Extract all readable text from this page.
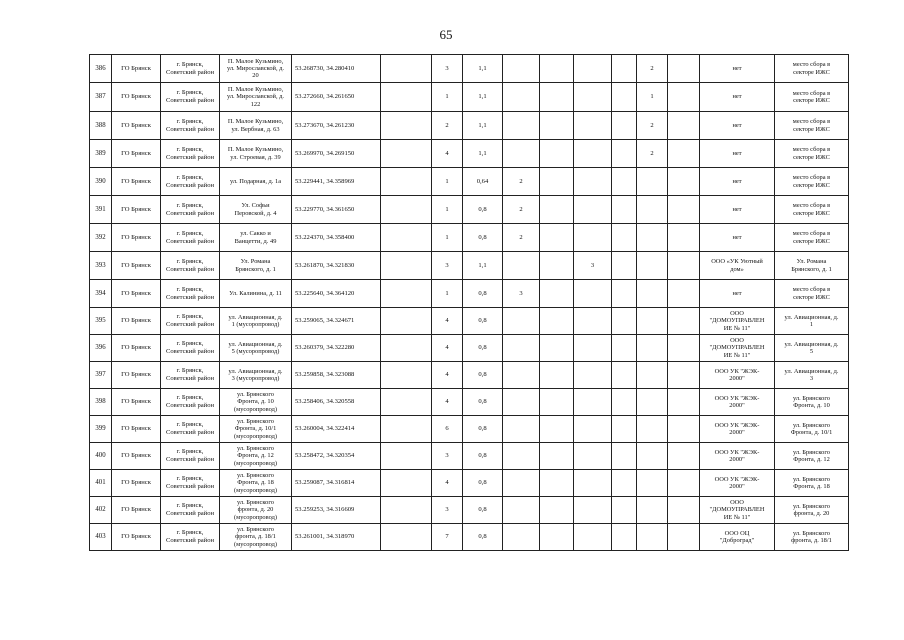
65
386	ГО Брянск	г. Брянск,
Советский район	П. Малое Кузьмино,
ул. Мирославской, д.
20	53.268730, 34.280410		3	1,1					2		нет	место сбора в
секторе ИЖС
387	ГО Брянск	г. Брянск,
Советский район	П. Малое Кузьмино,
ул. Мирославской, д.
122	53.272660, 34.261650		1	1,1					1		нет	место сбора в
секторе ИЖС
388	ГО Брянск	г. Брянск,
Советский район	П. Малое Кузьмино,
ул. Вербная, д. 63	53.273670, 34.261230		2	1,1					2		нет	место сбора в
секторе ИЖС
389	ГО Брянск	г. Брянск,
Советский район	П. Малое Кузьмино,
ул. Строевая, д. 39	53.269970, 34.269150		4	1,1					2		нет	место сбора в
секторе ИЖС
390	ГО Брянск	г. Брянск,
Советский район	ул. Подарная, д. 1а	53.229441, 34.358969		1	0,64	2						нет	место сбора в
секторе ИЖС
391	ГО Брянск	г. Брянск,
Советский район	Ул. Софьи
Перовской, д. 4	53.229770, 34.361650		1	0,8	2						нет	место сбора в
секторе ИЖС
392	ГО Брянск	г. Брянск,
Советский район	ул. Сакко и
Ванцетти, д. 49	53.224370, 34.358400		1	0,8	2						нет	место сбора в
секторе ИЖС
393	ГО Брянск	г. Брянск,
Советский район	Ул. Романа
Брянского, д. 1	53.261870, 34.321830		3	1,1			3				ООО «УК Уютный
дом»	Ул. Романа
Брянского, д. 1
394	ГО Брянск	г. Брянск,
Советский район	Ул. Калинина, д. 11	53.225640, 34.364120		1	0,8	3						нет	место сбора в
секторе ИЖС
395	ГО Брянск	г. Брянск,
Советский район	ул. Авиационная, д.
1 (мусоропровод)	53.259065, 34.324671		4	0,8							ООО
"ДОМОУПРАВЛЕН
ИЕ № 11"	ул. Авиационная, д.
1
396	ГО Брянск	г. Брянск,
Советский район	ул. Авиационная, д.
5 (мусоропровод)	53.260379, 34.322280		4	0,8							ООО
"ДОМОУПРАВЛЕН
ИЕ № 11"	ул. Авиационная, д.
5
397	ГО Брянск	г. Брянск,
Советский район	ул. Авиационная, д.
3 (мусоропровод)	53.259858, 34.323088		4	0,8							ООО УК "ЖЭК-
2000"	ул. Авиационная, д.
3
398	ГО Брянск	г. Брянск,
Советский район	ул. Брянского
Фронта, д. 10
(мусоропровод)	53.258406, 34.320558		4	0,8							ООО УК "ЖЭК-
2000"	ул. Брянского
Фронта, д. 10
399	ГО Брянск	г. Брянск,
Советский район	ул. Брянского
Фронта, д. 10/1
(мусоропровод)	53.260004, 34.322414		6	0,8							ООО УК "ЖЭК-
2000"	ул. Брянского
Фронта, д. 10/1
400	ГО Брянск	г. Брянск,
Советский район	ул. Брянского
Фронта, д. 12
(мусоропровод)	53.258472, 34.320354		3	0,8							ООО УК "ЖЭК-
2000"	ул. Брянского
Фронта, д. 12
401	ГО Брянск	г. Брянск,
Советский район	ул. Брянского
Фронта, д. 18
(мусоропровод)	53.259087, 34.316814		4	0,8							ООО УК "ЖЭК-
2000"	ул. Брянского
Фронта, д. 18
402	ГО Брянск	г. Брянск,
Советский район	ул. Брянского
фронта, д. 20
(мусоропровод)	53.259253, 34.316609		3	0,8							ООО
"ДОМОУПРАВЛЕН
ИЕ № 11"	ул. Брянского
фронта, д. 20
403	ГО Брянск	г. Брянск,
Советский район	ул. Брянского
фронта, д. 18/1
(мусоропровод)	53.261001, 34.318970		7	0,8							ООО ОЦ
"Доброград"	ул. Брянского
фронта, д. 18/1
